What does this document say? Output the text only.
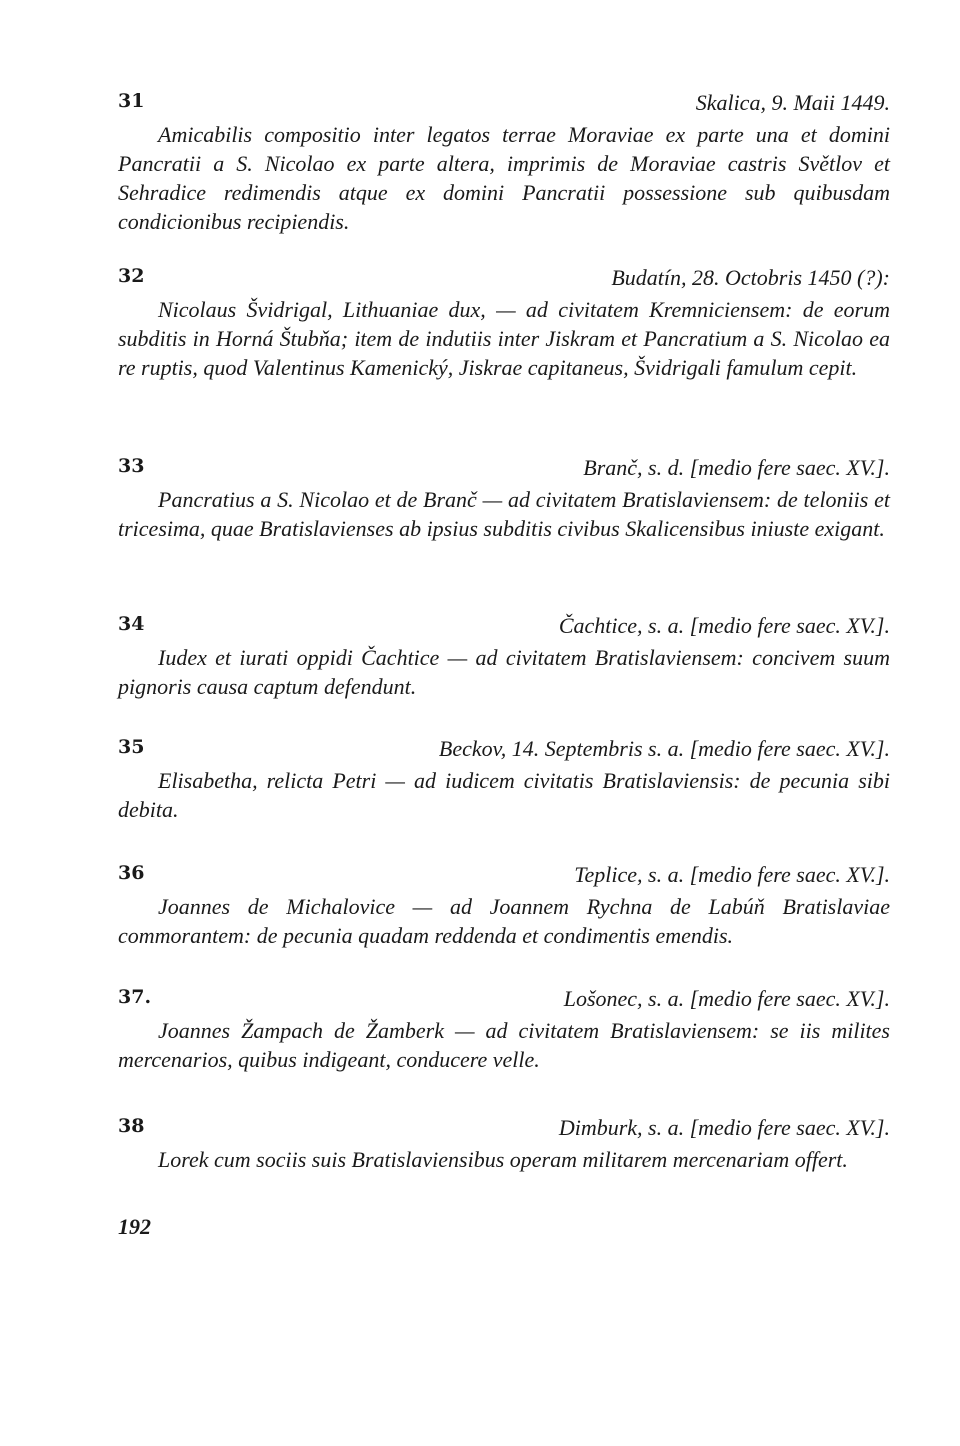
31	Skalica, 9. Maii 1449.

Amicabilis compositio inter legatos terrae Moraviae ex parte una et domini Pancratii a S. Nicolao ex parte altera, imprimis de Moraviae castris Světlov et Sehradice redimendis atque ex domini Pancratii possessione sub quibusdam condicionibus recipiendis.

32	Budatín, 28. Octobris 1450 (?):

Nicolaus Švidrigal, Lithuaniae dux, — ad civitatem Kremniciensem: de eorum subditis in Horná Štubňa; item de indutiis inter Jiskram et Pancratium a S. Nicolao ea re ruptis, quod Valentinus Kamenický, Jiskrae capitaneus, Švidrigali famulum cepit.

33	Branč, s. d. [medio fere saec. XV.].

Pancratius a S. Nicolao et de Branč — ad civitatem Bratislaviensem: de teloniis et tricesima, quae Bratislavienses ab ipsius subditis civibus Skalicensibus iniuste exigant.

34	Čachtice, s. a. [medio fere saec. XV.].

Iudex et iurati oppidi Čachtice — ad civitatem Bratislaviensem: concivem suum pignoris causa captum defendunt.

35	Beckov, 14. Septembris s. a. [medio fere saec. XV.].

Elisabetha, relicta Petri — ad iudicem civitatis Bratislaviensis: de pecunia sibi debita.

36	Teplice, s. a. [medio fere saec. XV.].

Joannes de Michalovice — ad Joannem Rychna de Labúň Bratislaviae commorantem: de pecunia quadam reddenda et condimentis emendis.

37.	Lošonec, s. a. [medio fere saec. XV.].

Joannes Žampach de Žamberk — ad civitatem Bratislaviensem: se iis milites mercenarios, quibus indigeant, conducere velle.

38	Dimburk, s. a. [medio fere saec. XV.].

Lorek cum sociis suis Bratislaviensibus operam militarem mercenariam offert.

192
